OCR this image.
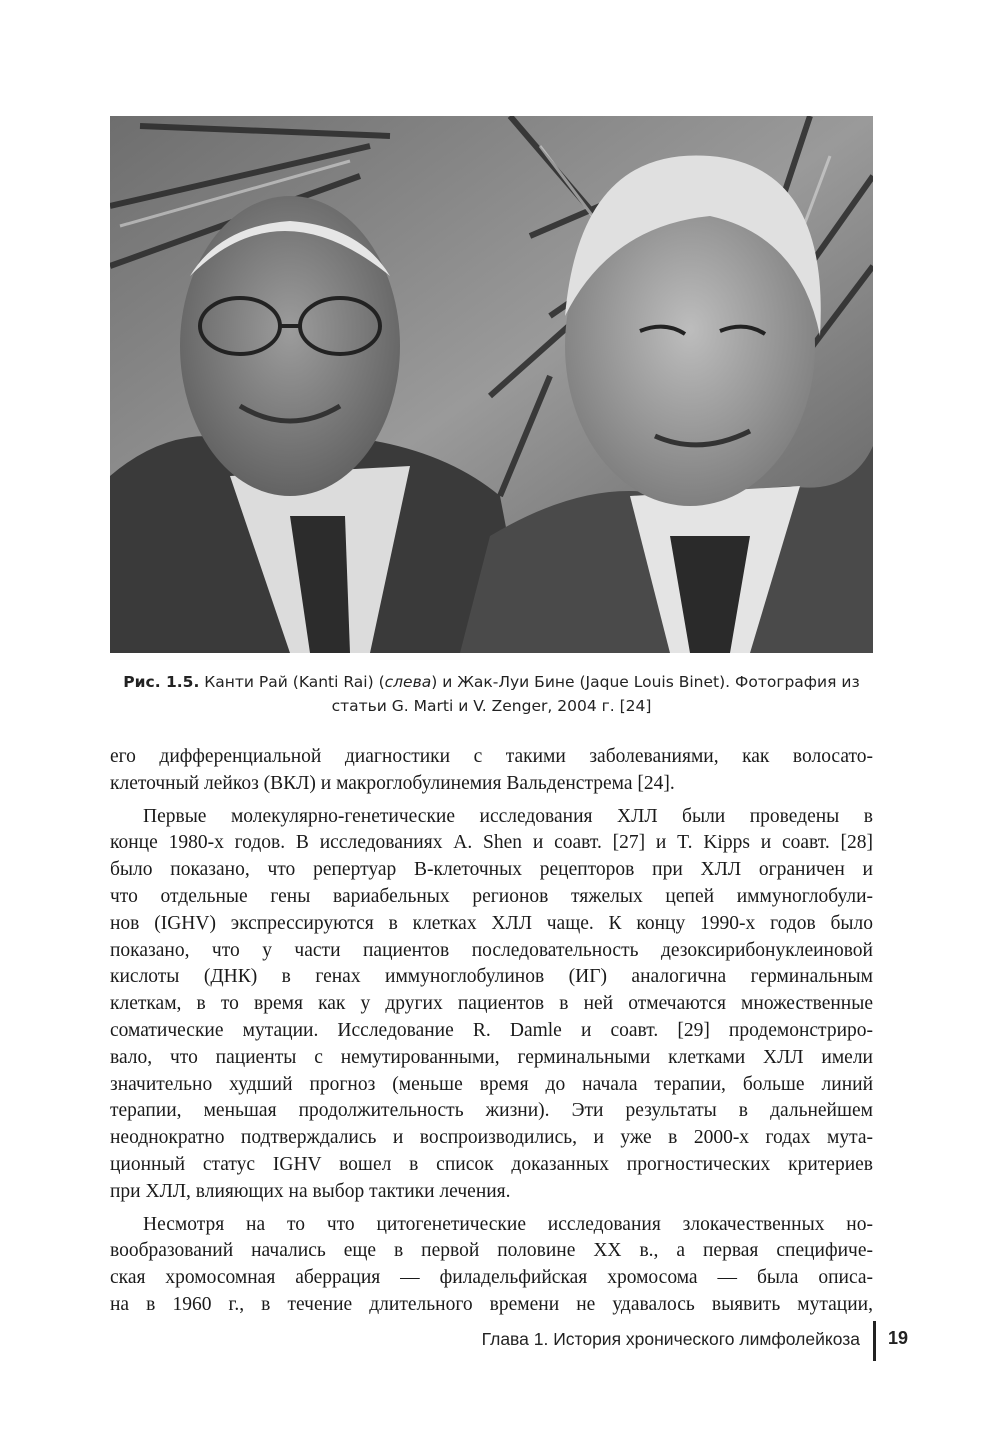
Рис. 1.5. Канти Рай (Kanti Rai) (слева) и Жак-Луи Бине (Jaque Louis Binet). Фотография из
статьи G. Marti и V. Zenger, 2004 г. [24]

его дифференциальной диагностики с такими заболеваниями, как волосато-
клеточный лейкоз (ВКЛ) и макроглобулинемия Вальденстрема [24].

Первые молекулярно-генетические исследования ХЛЛ были проведены в
конце 1980-х годов. В исследованиях A. Shen и соавт. [27] и T. Kipps и соавт. [28]
было показано, что репертуар В-клеточных рецепторов при ХЛЛ ограничен и
что отдельные гены вариабельных регионов тяжелых цепей иммуноглобули-
нов (IGHV) экспрессируются в клетках ХЛЛ чаще. К концу 1990-х годов было
показано, что у части пациентов последовательность дезоксирибонуклеиновой
кислоты (ДНК) в генах иммуноглобулинов (ИГ) аналогична герминальным
клеткам, в то время как у других пациентов в ней отмечаются множественные
соматические мутации. Исследование R. Damle и соавт. [29] продемонстриро-
вало, что пациенты с немутированными, герминальными клетками ХЛЛ имели
значительно худший прогноз (меньше время до начала терапии, больше линий
терапии, меньшая продолжительность жизни). Эти результаты в дальнейшем
неоднократно подтверждались и воспроизводились, и уже в 2000-х годах мута-
ционный статус IGHV вошел в список доказанных прогностических критериев
при ХЛЛ, влияющих на выбор тактики лечения.

Несмотря на то что цитогенетические исследования злокачественных но-
вообразований начались еще в первой половине XX в., а первая специфиче-
ская хромосомная аберрация — филадельфийская хромосома — была описа-
на в 1960 г., в течение длительного времени не удавалось выявить мутации,

Глава 1. История хронического лимфолейкоза 19
